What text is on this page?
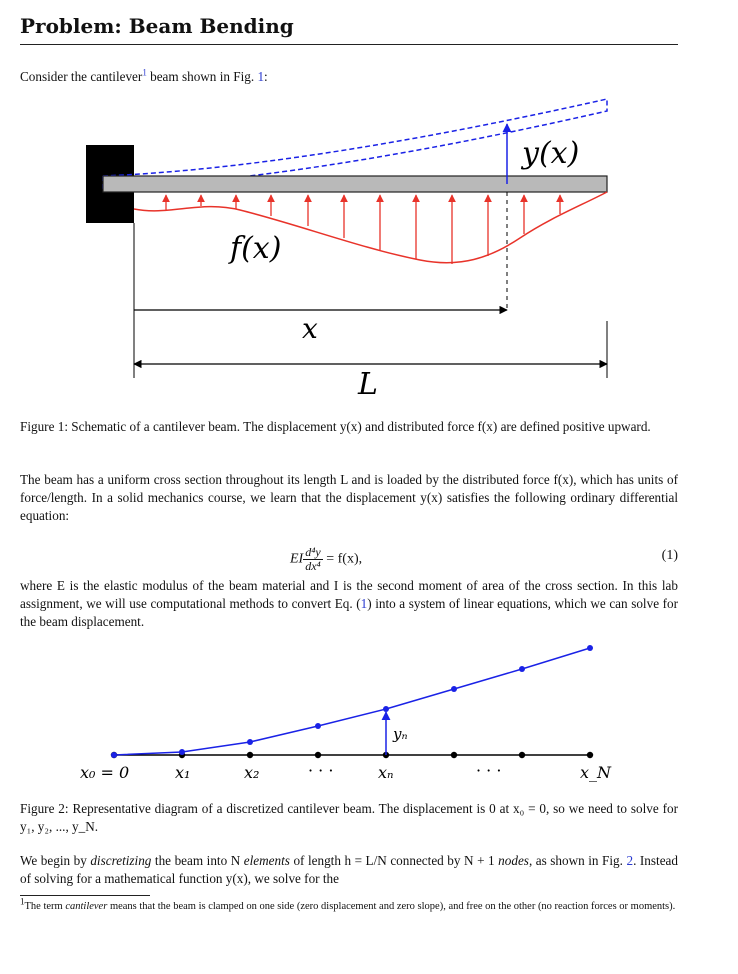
Problem: Beam Bending
Consider the cantilever$^1$ beam shown in Fig. 1:
y(x)
f(x)
x
L
Figure 1: Schematic of a cantilever beam. The displacement y(x) and distributed force f(x) are defined positive upward.
The beam has a uniform cross section throughout its length L and is loaded by the distributed force f(x), which has units of force/length. In a solid mechanics course, we learn that the displacement y(x) satisfies the following ordinary differential equation:
EI $\frac{\text{d⁴y}}{\text{dx⁴}} = f(x)$,	(1)
where E is the elastic modulus of the beam material and I is the second moment of area of the cross section. In this lab assignment, we will use computational methods to convert Eq. (1) into a system of linear equations, which we can solve for the beam displacement.
yₙ
x₀ = 0	x₁	x₂	· · ·	xₙ	· · ·	x_N
Figure 2: Representative diagram of a discretized cantilever beam. The displacement is 0 at x₀ = 0, so we need to solve for y₁, y₂, ..., y_N.
We begin by discretizing the beam into N elements of length h = L/N connected by N + 1 nodes, as shown in Fig. 2. Instead of solving for a mathematical function y(x), we solve for the
$^1$The term cantilever means that the beam is clamped on one side (zero displacement and zero slope), and free on the other (no reaction forces or moments).
